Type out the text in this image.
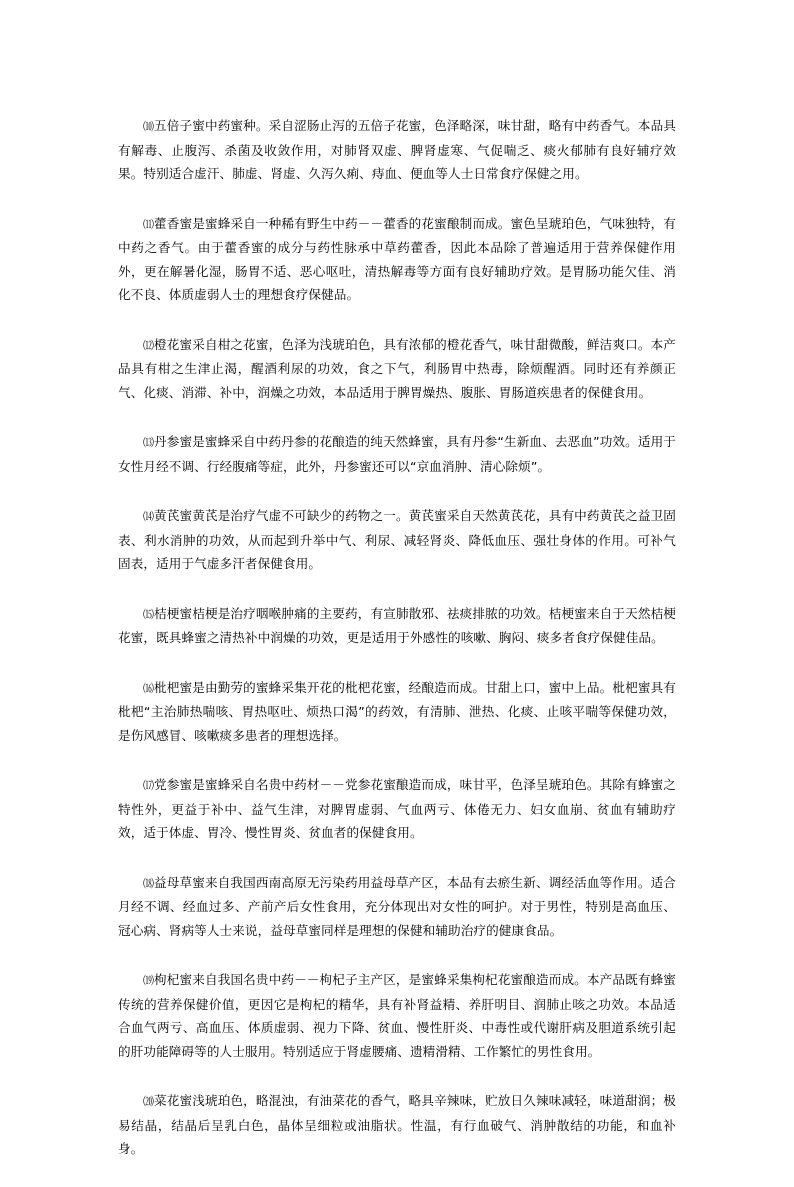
⑽五倍子蜜中药蜜种。采自涩肠止泻的五倍子花蜜，色泽略深，味甘甜，略有中药香气。本品具有解毒、止腹泻、杀菌及收敛作用，对肺肾双虚、脾肾虚寒、气促喘乏、痰火郁肺有良好辅疗效果。特别适合虚汗、肺虚、肾虚、久泻久痢、痔血、便血等人士日常食疗保健之用。

⑾藿香蜜是蜜蜂采自一种稀有野生中药－－藿香的花蜜酿制而成。蜜色呈琥珀色，气味独特，有中药之香气。由于藿香蜜的成分与药性脉承中草药藿香，因此本品除了普遍适用于营养保健作用外，更在解暑化湿，肠胃不适、恶心呕吐，清热解毒等方面有良好辅助疗效。是胃肠功能欠佳、消化不良、体质虚弱人士的理想食疗保健品。

⑿橙花蜜采自柑之花蜜，色泽为浅琥珀色，具有浓郁的橙花香气，味甘甜微酸，鲜洁爽口。本产品具有柑之生津止渴，醒酒利尿的功效，食之下气，利肠胃中热毒，除烦醒酒。同时还有养颜正气、化痰、消滞、补中，润燥之功效，本品适用于脾胃燥热、腹胀、胃肠道疾患者的保健食用。

⒀丹参蜜是蜜蜂采自中药丹参的花酿造的纯天然蜂蜜，具有丹参“生新血、去恶血”功效。适用于女性月经不调、行经腹痛等症，此外，丹参蜜还可以“京血消肿、清心除烦”。

⒁黄芪蜜黄芪是治疗气虚不可缺少的药物之一。黄芪蜜采自天然黄芪花，具有中药黄芪之益卫固表、利水消肿的功效，从而起到升举中气、利尿、减轻肾炎、降低血压、强壮身体的作用。可补气固表，适用于气虚多汗者保健食用。

⒂桔梗蜜桔梗是治疗咽喉肿痛的主要药，有宣肺散邪、祛痰排脓的功效。桔梗蜜来自于天然桔梗花蜜，既具蜂蜜之清热补中润燥的功效，更是适用于外感性的咳嗽、胸闷、痰多者食疗保健佳品。

⒃枇杷蜜是由勤劳的蜜蜂采集开花的枇杷花蜜，经酿造而成。甘甜上口，蜜中上品。枇杷蜜具有枇杷“主治肺热喘咳、胃热呕吐、烦热口渴”的药效，有清肺、泄热、化痰、止咳平喘等保健功效，是伤风感冒、咳嗽痰多患者的理想选择。

⒄党参蜜是蜜蜂采自名贵中药材－－党参花蜜酿造而成，味甘平，色泽呈琥珀色。其除有蜂蜜之特性外，更益于补中、益气生津，对脾胃虚弱、气血两亏、体倦无力、妇女血崩、贫血有辅助疗效，适于体虚、胃冷、慢性胃炎、贫血者的保健食用。

⒅益母草蜜来自我国西南高原无污染药用益母草产区，本品有去瘀生新、调经活血等作用。适合月经不调、经血过多、产前产后女性食用，充分体现出对女性的呵护。对于男性，特别是高血压、冠心病、肾病等人士来说，益母草蜜同样是理想的保健和辅助治疗的健康食品。

⒆枸杞蜜来自我国名贵中药－－枸杞子主产区，是蜜蜂采集枸杞花蜜酿造而成。本产品既有蜂蜜传统的营养保健价值，更因它是枸杞的精华，具有补肾益精、养肝明目、润肺止咳之功效。本品适合血气两亏、高血压、体质虚弱、视力下降、贫血、慢性肝炎、中毒性或代谢肝病及胆道系统引起的肝功能障碍等的人士服用。特别适应于肾虚腰痛、遗精滑精、工作繁忙的男性食用。

⒇菜花蜜浅琥珀色，略混浊，有油菜花的香气，略具辛辣味，贮放日久辣味减轻，味道甜润；极易结晶，结晶后呈乳白色，晶体呈细粒或油脂状。性温，有行血破气、消肿散结的功能，和血补身。
